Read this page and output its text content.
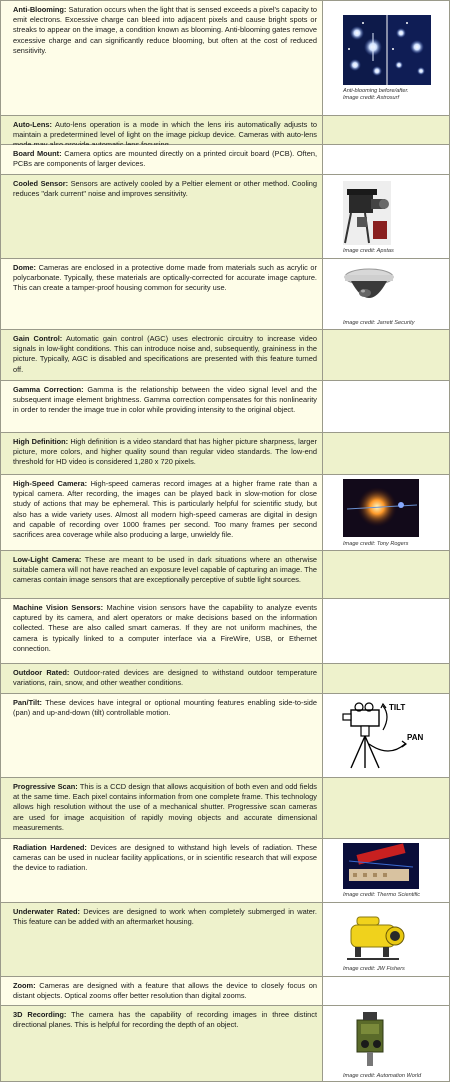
Anti-Blooming: Saturation occurs when the light that is sensed exceeds a pixel's capacity to emit electrons. Excessive charge can bleed into adjacent pixels and cause bright spots or streaks to appear on the image, a condition known as blooming. Anti-blooming gates remove excessive charge and can significantly reduce blooming, but often at the cost of reduced sensitivity.
Anti-blooming before/after.
Image credit: Astrosurf
Auto-Lens: Auto-lens operation is a mode in which the lens iris automatically adjusts to maintain a predetermined level of light on the image pickup device. Cameras with auto-lens
Board Mount: Camera optics are mounted directly on a printed circuit board (PCB). Often, PCBs are components of larger devices.
Cooled Sensor: Sensors are actively cooled by a Peltier element or other method. Cooling reduces "dark current" noise and improves sensitivity.
Image credit: Apstas
Dome: Cameras are enclosed in a protective dome made from materials such as acrylic or polycarbonate. Typically, these materials are optically-corrected for accurate image capture. This can create a tamper-proof housing common for security use.
Image credit: Jarrett Security
Gain Control: Automatic gain control (AGC) uses electronic circuitry to increase video signals in low-light conditions. This can introduce noise and, subsequently, graininess in the picture. Typically, AGC is disabled and specifications are presented with this feature turned off.
Gamma Correction: Gamma is the relationship between the video signal level and the subsequent image element brightness. Gamma correction compensates for this nonlinearity in order to render the image true in color while providing intensity to the original object.
High Definition: High definition is a video standard that has higher picture sharpness, larger picture, more colors, and higher quality sound than regular video standards. The low-end threshold for HD video is considered 1,280 x 720 pixels.
High-Speed Camera: High-speed cameras record images at a higher frame rate than a typical camera. After recording, the images can be played back in slow-motion for close study of actions that may be ephemeral. This is particularly helpful for scientific study, but also has a wide variety uses. Almost all modern high-speed cameras are digital in design and capable of recording over 1000 frames per second. Too many frames per second sacrifices area coverage while also producing a large, unwieldy file.
Image credit: Tony Rogers
Low-Light Camera: These are meant to be used in dark situations where an otherwise suitable camera will not have reached an exposure level capable of capturing an image. The cameras contain image sensors that are exceptionally perceptive of subtle light sources.
Machine Vision Sensors: Machine vision sensors have the capability to analyze events captured by its camera, and alert operators or make decisions based on the information collected. These are also called smart cameras. If they are not uniform machines, the camera is typically linked to a computer interface via a FireWire, USB, or Ethernet connection.
Outdoor Rated: Outdoor-rated devices are designed to withstand outdoor temperature variations, rain, snow, and other weather conditions.
Pan/Tilt: These devices have integral or optional mounting features enabling side-to-side (pan) and up-and-down (tilt) controllable motion.
TILT
PAN
Progressive Scan: This is a CCD design that allows acquisition of both even and odd fields at the same time. Each pixel contains information from one complete frame. This technology allows high resolution without the use of a mechanical shutter. Progressive scan cameras are used for image acquisition of rapidly moving objects and accurate dimensional measurements.
Radiation Hardened: Devices are designed to withstand high levels of radiation. These cameras can be used in nuclear facility applications, or in scientific research that will expose the device to radiation.
Image credit: Thermo Scientific
Underwater Rated: Devices are designed to work when completely submerged in water. This feature can be added with an aftermarket housing.
Image credit: JW Fishers
Zoom: Cameras are designed with a feature that allows the device to closely focus on distant objects. Optical zooms offer better resolution than digital zooms.
3D Recording: The camera has the capability of recording images in three distinct directional planes. This is helpful for recording the depth of an object.
Image credit: Automation World
